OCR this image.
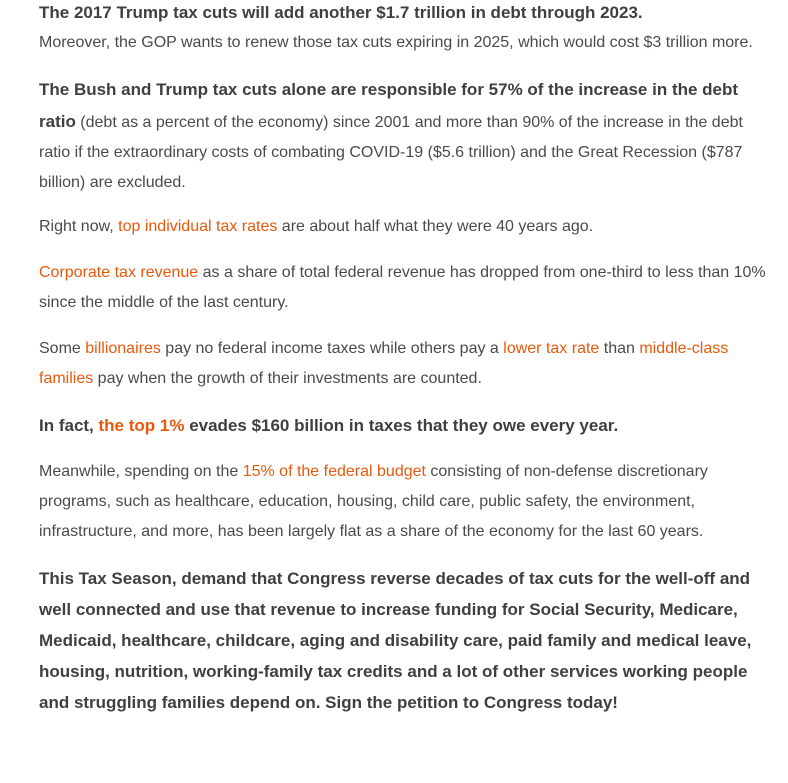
The 2017 Trump tax cuts will add another $1.7 trillion in debt through 2023.
Moreover, the GOP wants to renew those tax cuts expiring in 2025, which would cost $3 trillion more.

The Bush and Trump tax cuts alone are responsible for 57% of the increase in the debt ratio (debt as a percent of the economy) since 2001 and more than 90% of the increase in the debt ratio if the extraordinary costs of combating COVID-19 ($5.6 trillion) and the Great Recession ($787 billion) are excluded.

Right now, top individual tax rates are about half what they were 40 years ago.

Corporate tax revenue as a share of total federal revenue has dropped from one-third to less than 10% since the middle of the last century.

Some billionaires pay no federal income taxes while others pay a lower tax rate than middle-class families pay when the growth of their investments are counted.

In fact, the top 1% evades $160 billion in taxes that they owe every year.

Meanwhile, spending on the 15% of the federal budget consisting of non-defense discretionary programs, such as healthcare, education, housing, child care, public safety, the environment, infrastructure, and more, has been largely flat as a share of the economy for the last 60 years.

This Tax Season, demand that Congress reverse decades of tax cuts for the well-off and well connected and use that revenue to increase funding for Social Security, Medicare, Medicaid, healthcare, childcare, aging and disability care, paid family and medical leave, housing, nutrition, working-family tax credits and a lot of other services working people and struggling families depend on. Sign the petition to Congress today!
